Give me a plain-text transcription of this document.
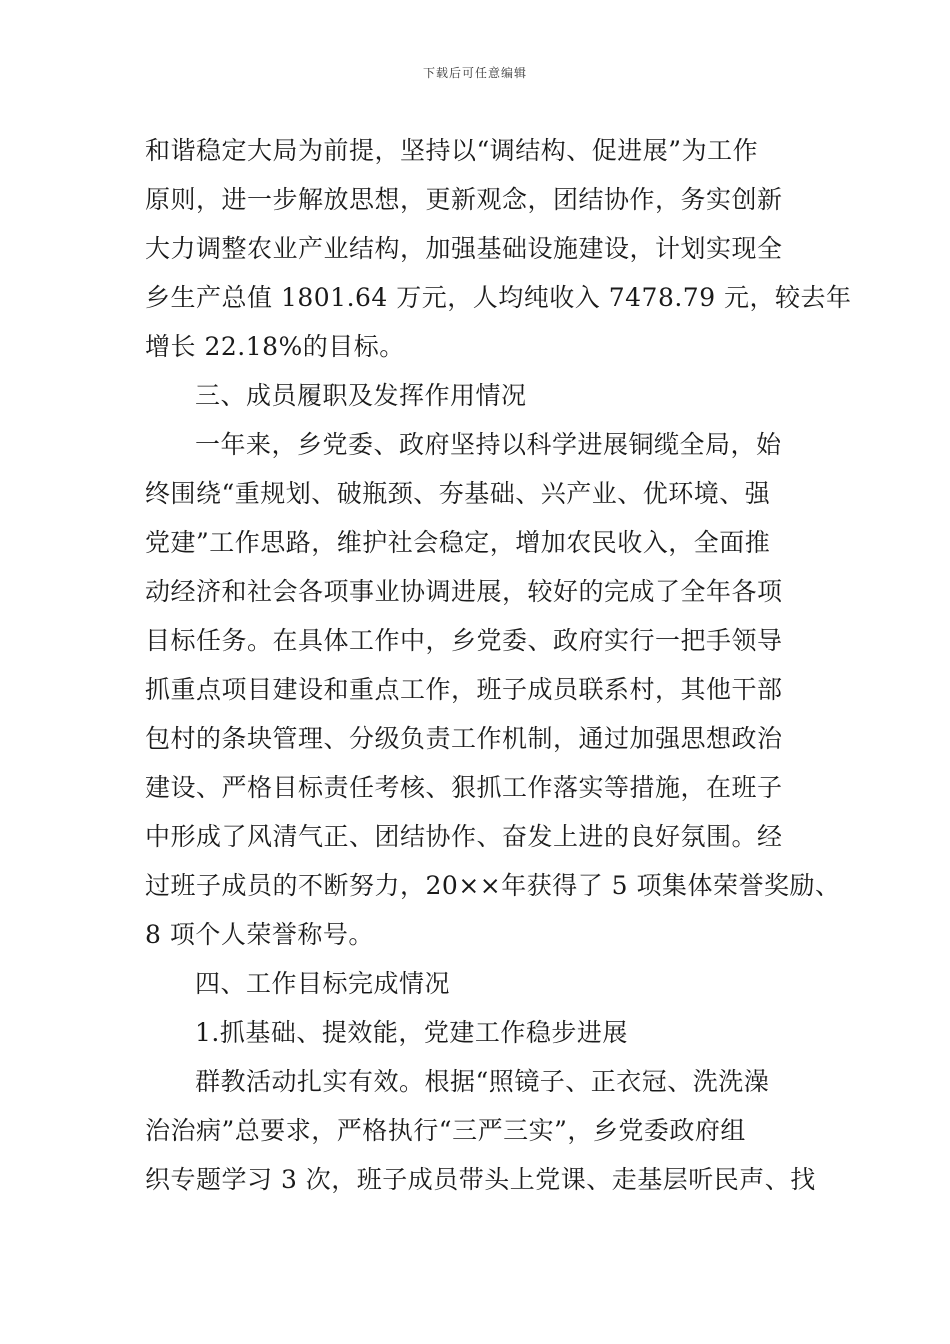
下载后可任意编辑
和谐稳定大局为前提，坚持以“调结构、促进展”为工作
原则，进一步解放思想，更新观念，团结协作，务实创新
大力调整农业产业结构，加强基础设施建设，计划实现全
乡生产总值 1801.64 万元，人均纯收入 7478.79 元，较去年
增长 22.18%的目标。
三、成员履职及发挥作用情况
一年来，乡党委、政府坚持以科学进展铜缆全局，始
终围绕“重规划、破瓶颈、夯基础、兴产业、优环境、强
党建”工作思路，维护社会稳定，增加农民收入，全面推
动经济和社会各项事业协调进展，较好的完成了全年各项
目标任务。在具体工作中，乡党委、政府实行一把手领导
抓重点项目建设和重点工作，班子成员联系村，其他干部
包村的条块管理、分级负责工作机制，通过加强思想政治
建设、严格目标责任考核、狠抓工作落实等措施，在班子
中形成了风清气正、团结协作、奋发上进的良好氛围。经
过班子成员的不断努力，20××年获得了 5 项集体荣誉奖励、
8 项个人荣誉称号。
四、工作目标完成情况
1.抓基础、提效能，党建工作稳步进展
群教活动扎实有效。根据“照镜子、正衣冠、洗洗澡
治治病”总要求，严格执行“三严三实”，乡党委政府组
织专题学习 3 次，班子成员带头上党课、走基层听民声、找
